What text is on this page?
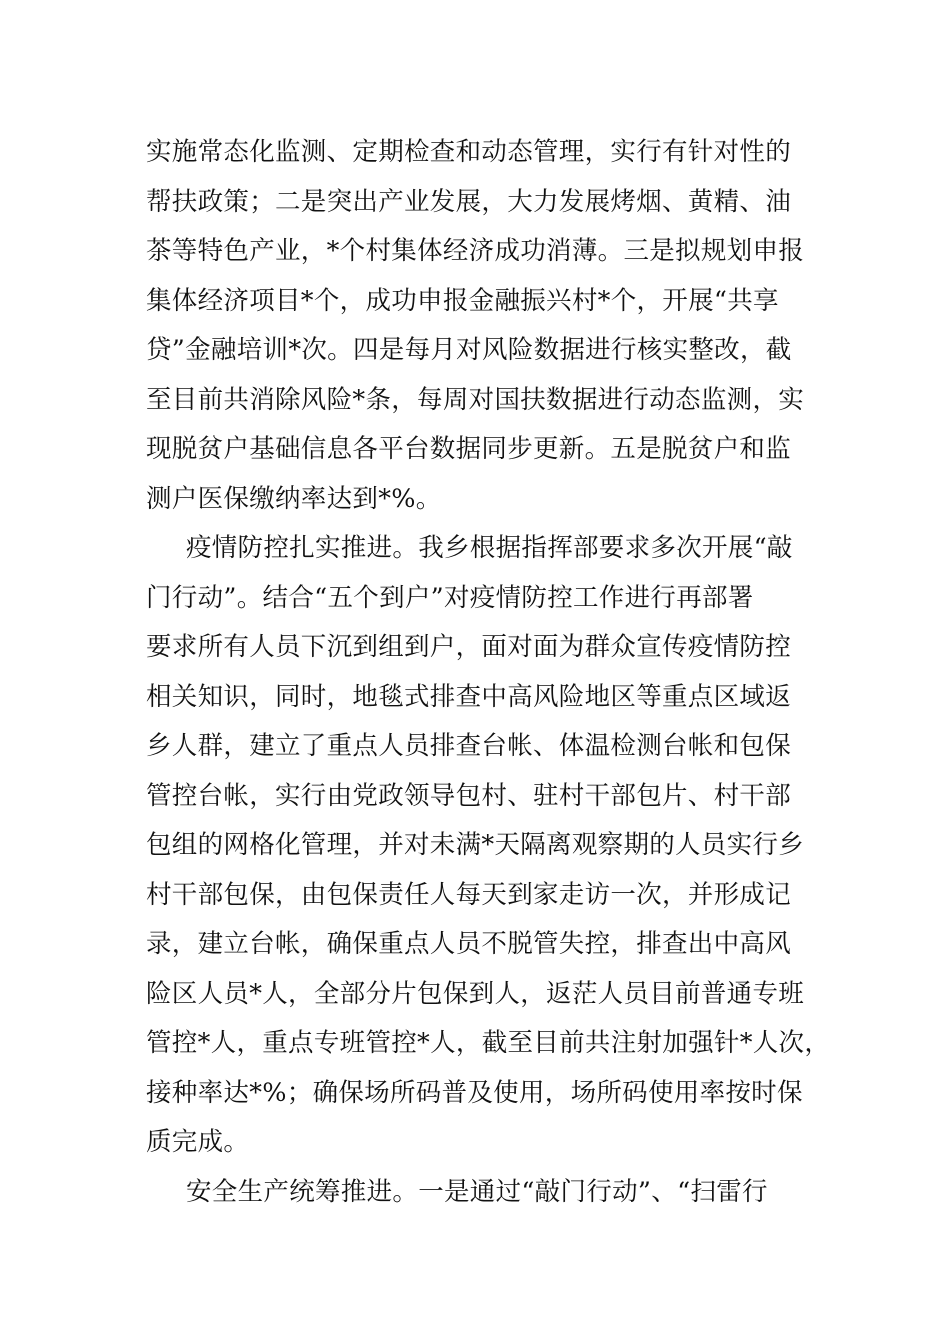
实施常态化监测、定期检查和动态管理，实行有针对性的
帮扶政策；二是突出产业发展，大力发展烤烟、黄精、油
茶等特色产业，*个村集体经济成功消薄。三是拟规划申报
集体经济项目*个，成功申报金融振兴村*个，开展“共享
贷”金融培训*次。四是每月对风险数据进行核实整改，截
至目前共消除风险*条，每周对国扶数据进行动态监测，实
现脱贫户基础信息各平台数据同步更新。五是脱贫户和监
测户医保缴纳率达到*%。
疫情防控扎实推进。我乡根据指挥部要求多次开展“敲
门行动”。结合“五个到户”对疫情防控工作进行再部署
要求所有人员下沉到组到户，面对面为群众宣传疫情防控
相关知识，同时，地毯式排查中高风险地区等重点区域返
乡人群，建立了重点人员排查台帐、体温检测台帐和包保
管控台帐，实行由党政领导包村、驻村干部包片、村干部
包组的网格化管理，并对未满*天隔离观察期的人员实行乡
村干部包保，由包保责任人每天到家走访一次，并形成记
录，建立台帐，确保重点人员不脱管失控，排查出中高风
险区人员*人，全部分片包保到人，返茫人员目前普通专班
管控*人，重点专班管控*人，截至目前共注射加强针*人次，
接种率达*%；确保场所码普及使用，场所码使用率按时保
质完成。
安全生产统筹推进。一是通过“敲门行动”、“扫雷行
